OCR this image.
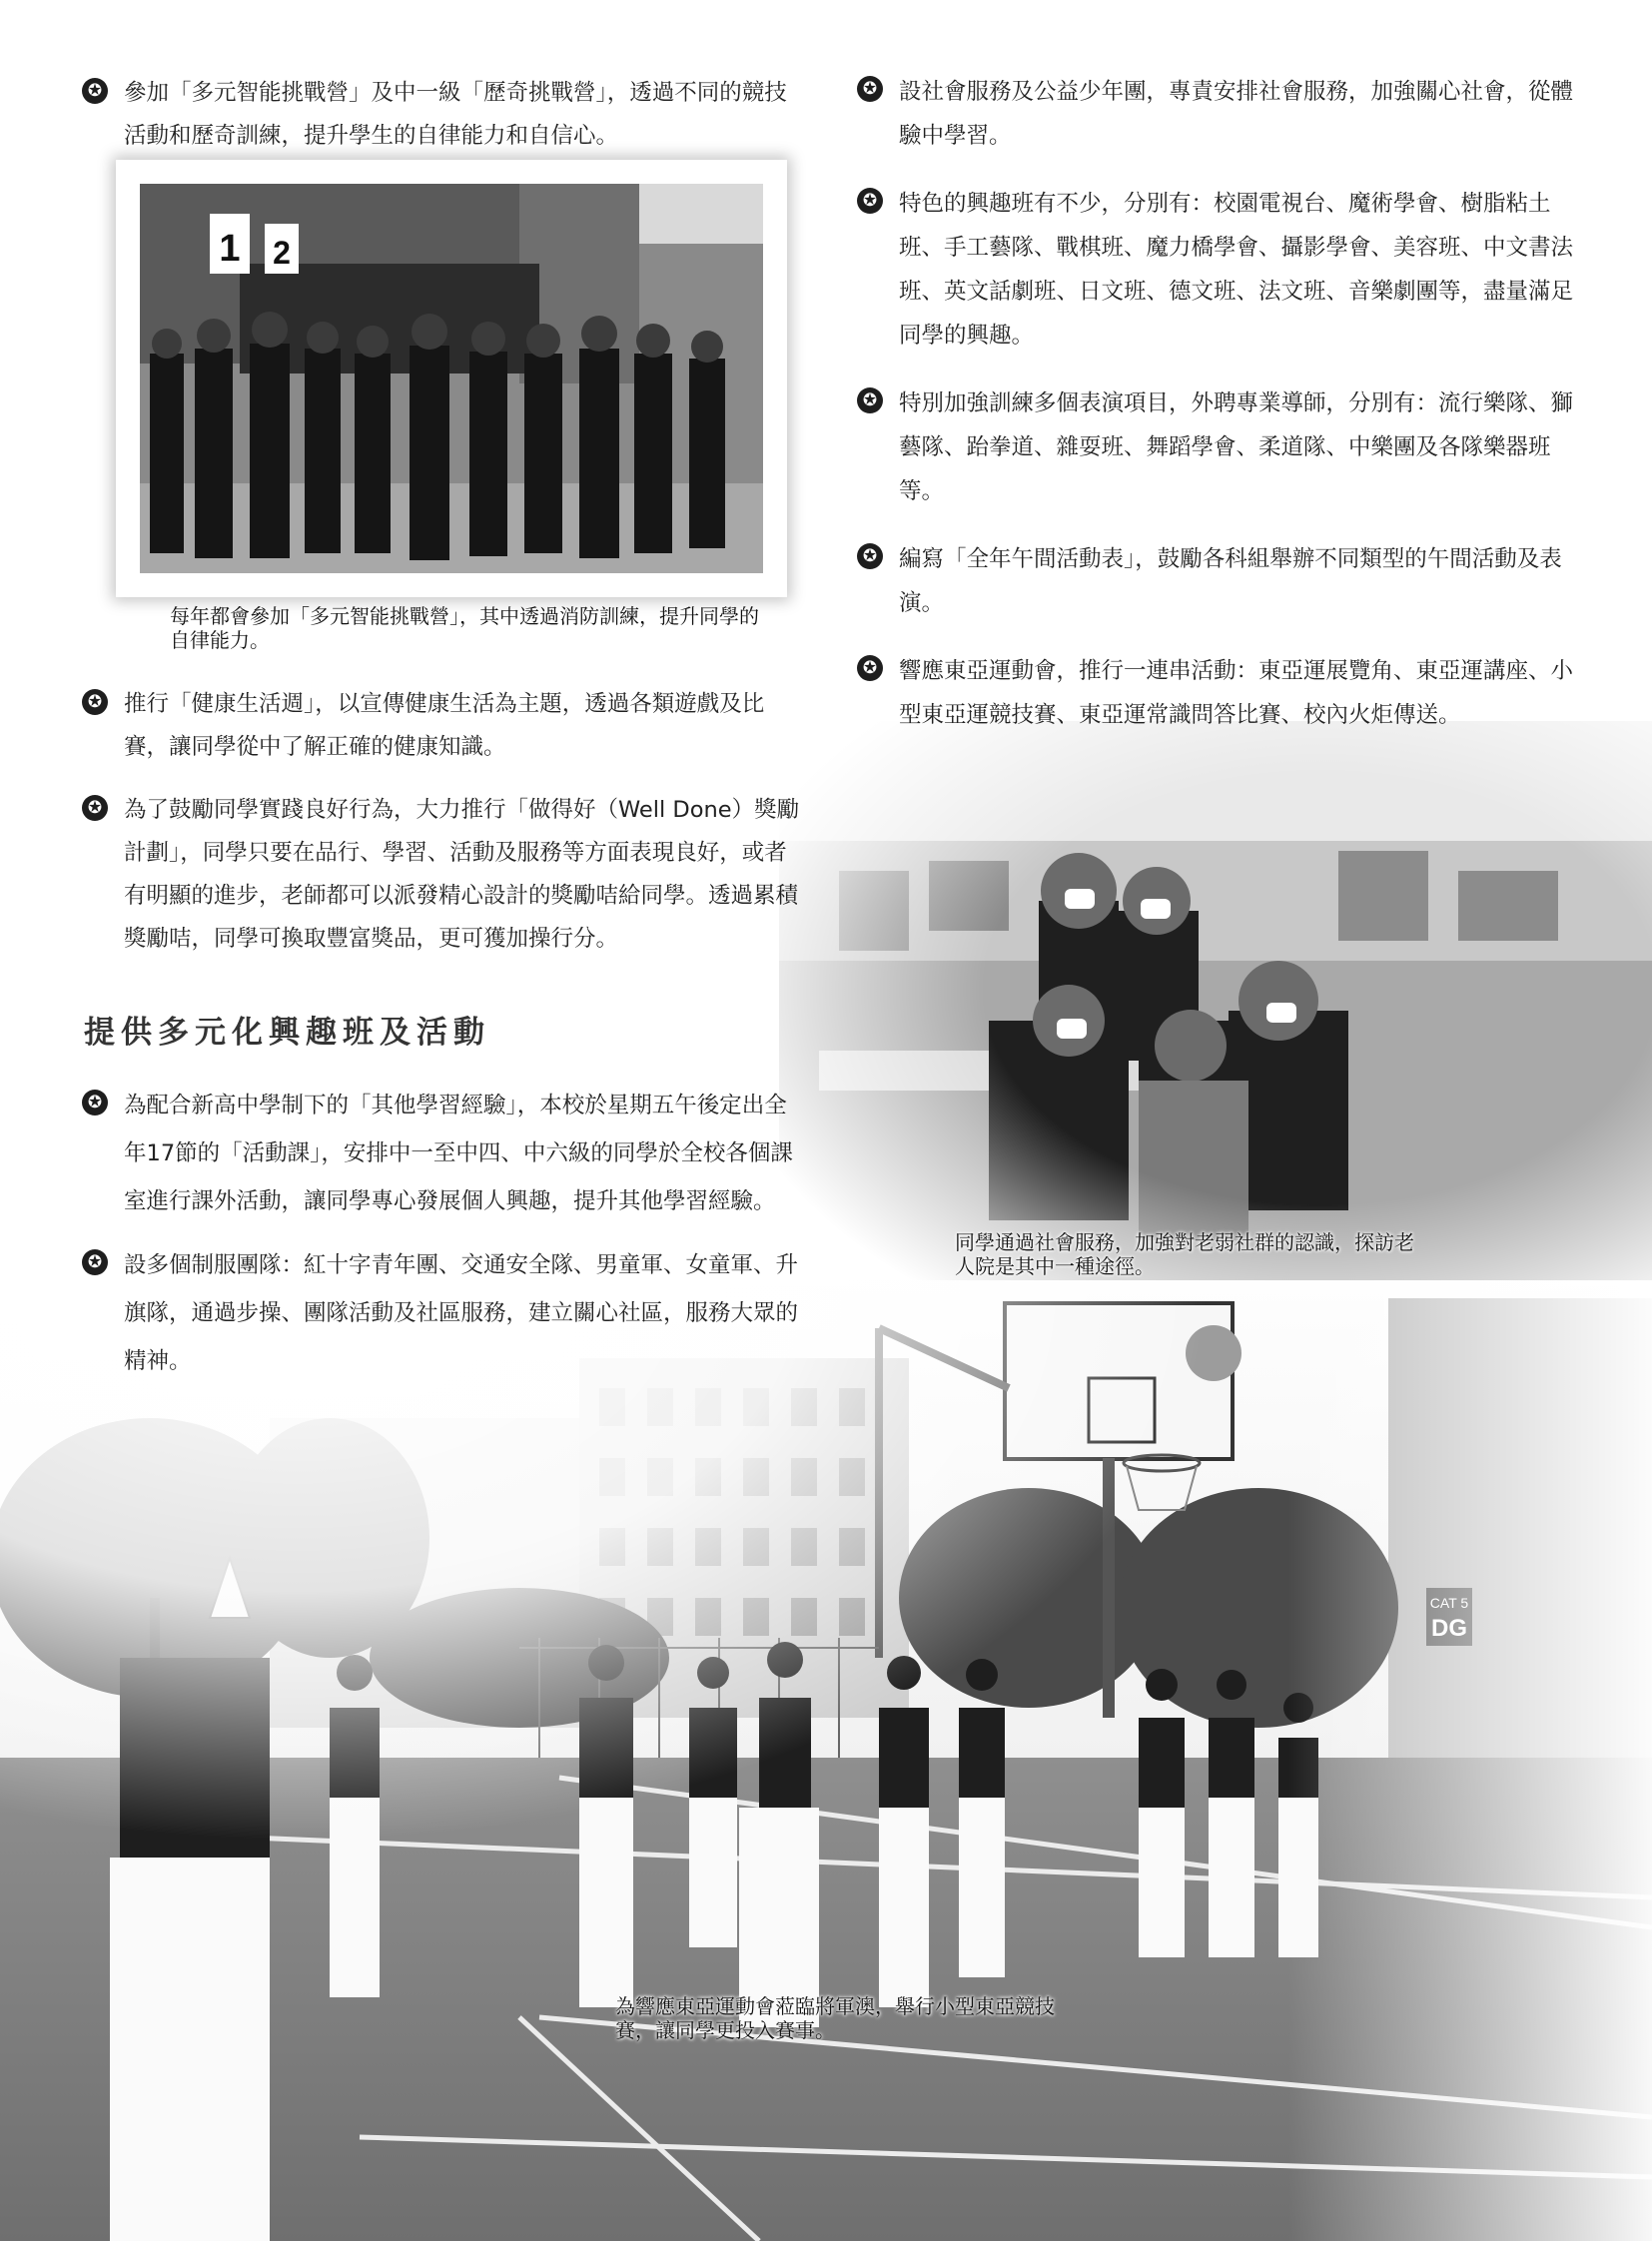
1 2
✪ 參加「多元智能挑戰營」及中一級「歷奇挑戰營」，透過不同的競技活動和歷奇訓練，提升學生的自律能力和自信心。

每年都會參加「多元智能挑戰營」，其中透過消防訓練，提升同學的自律能力。

✪ 推行「健康生活週」，以宣傳健康生活為主題，透過各類遊戲及比賽，讓同學從中了解正確的健康知識。
✪ 為了鼓勵同學實踐良好行為，大力推行「做得好（Well Done）獎勵計劃」，同學只要在品行、學習、活動及服務等方面表現良好，或者有明顯的進步，老師都可以派發精心設計的獎勵咭給同學。透過累積獎勵咭，同學可換取豐富獎品，更可獲加操行分。
提供多元化興趣班及活動
✪ 為配合新高中學制下的「其他學習經驗」，本校於星期五午後定出全年17節的「活動課」，安排中一至中四、中六級的同學於全校各個課室進行課外活動，讓同學專心發展個人興趣，提升其他學習經驗。
✪ 設多個制服團隊：紅十字青年團、交通安全隊、男童軍、女童軍、升旗隊，通過步操、團隊活動及社區服務，建立關心社區，服務大眾的精神。
✪ 設社會服務及公益少年團，專責安排社會服務，加強關心社會，從體驗中學習。
✪ 特色的興趣班有不少，分別有：校園電視台、魔術學會、樹脂粘土班、手工藝隊、戰棋班、魔力橋學會、攝影學會、美容班、中文書法班、英文話劇班、日文班、德文班、法文班、音樂劇團等，盡量滿足同學的興趣。
✪ 特別加強訓練多個表演項目，外聘專業導師，分別有：流行樂隊、獅藝隊、跆拳道、雜耍班、舞蹈學會、柔道隊、中樂團及各隊樂器班等。
✪ 編寫「全年午間活動表」，鼓勵各科組舉辦不同類型的午間活動及表演。
✪ 響應東亞運動會，推行一連串活動：東亞運展覽角、東亞運講座、小型東亞運競技賽、東亞運常識問答比賽、校內火炬傳送。

同學通過社會服務，加強對老弱社群的認識，探訪老人院是其中一種途徑。

為響應東亞運動會蒞臨將軍澳，舉行小型東亞競技賽，讓同學更投入賽事。
